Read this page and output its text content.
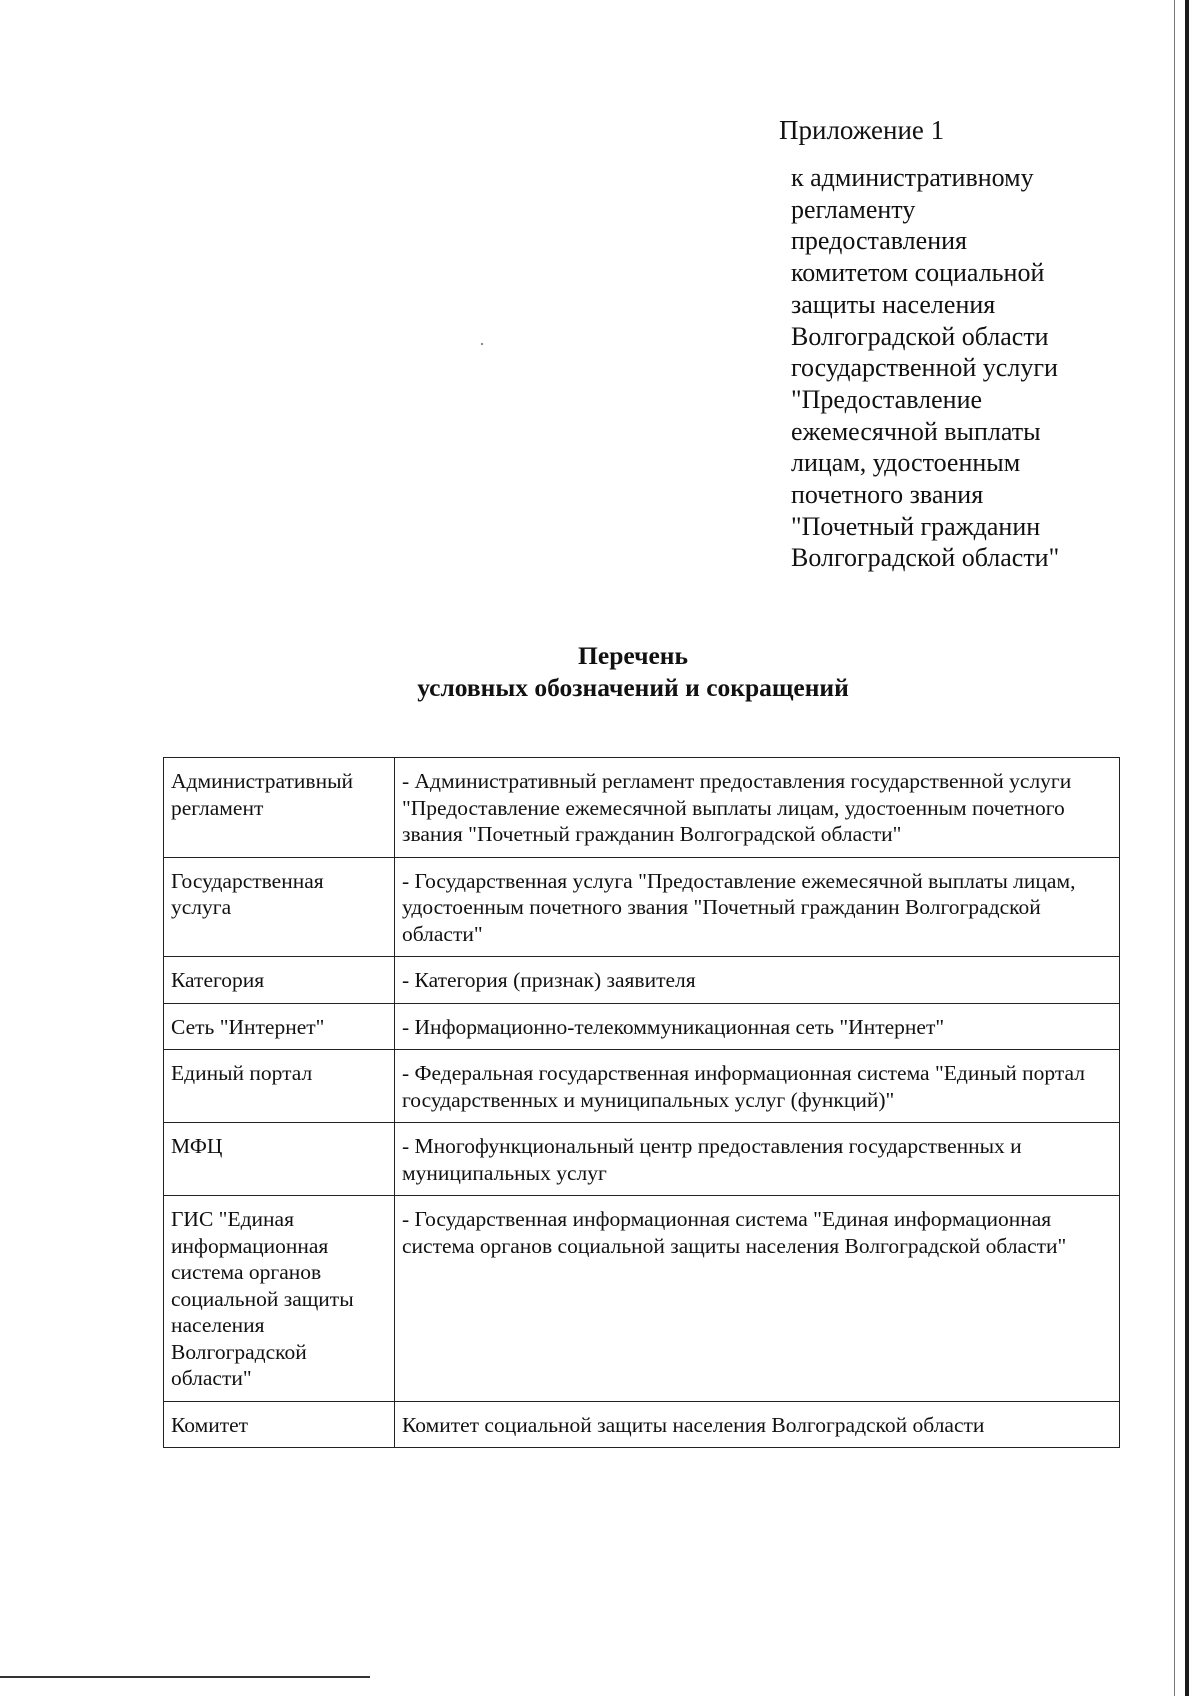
Приложение 1
к административному
регламенту
предоставления
комитетом социальной
защиты населения
Волгоградской области
государственной услуги
"Предоставление
ежемесячной выплаты
лицам, удостоенным
почетного звания
"Почетный гражданин
Волгоградской области"
Перечень
условных обозначений и сокращений
Административный регламент	- Административный регламент предоставления государственной услуги "Предоставление ежемесячной выплаты лицам, удостоенным почетного звания "Почетный гражданин Волгоградской области"
Государственная услуга	- Государственная услуга "Предоставление ежемесячной выплаты лицам, удостоенным почетного звания "Почетный гражданин Волгоградской области"
Категория	- Категория (признак) заявителя
Сеть "Интернет"	- Информационно-телекоммуникационная сеть "Интернет"
Единый портал	- Федеральная государственная информационная система "Единый портал государственных и муниципальных услуг (функций)"
МФЦ	- Многофункциональный центр предоставления государственных и муниципальных услуг
ГИС "Единая информационная система органов социальной защиты населения Волгоградской области"	- Государственная информационная система "Единая информационная система органов социальной защиты населения Волгоградской области"
Комитет	Комитет социальной защиты населения Волгоградской области
